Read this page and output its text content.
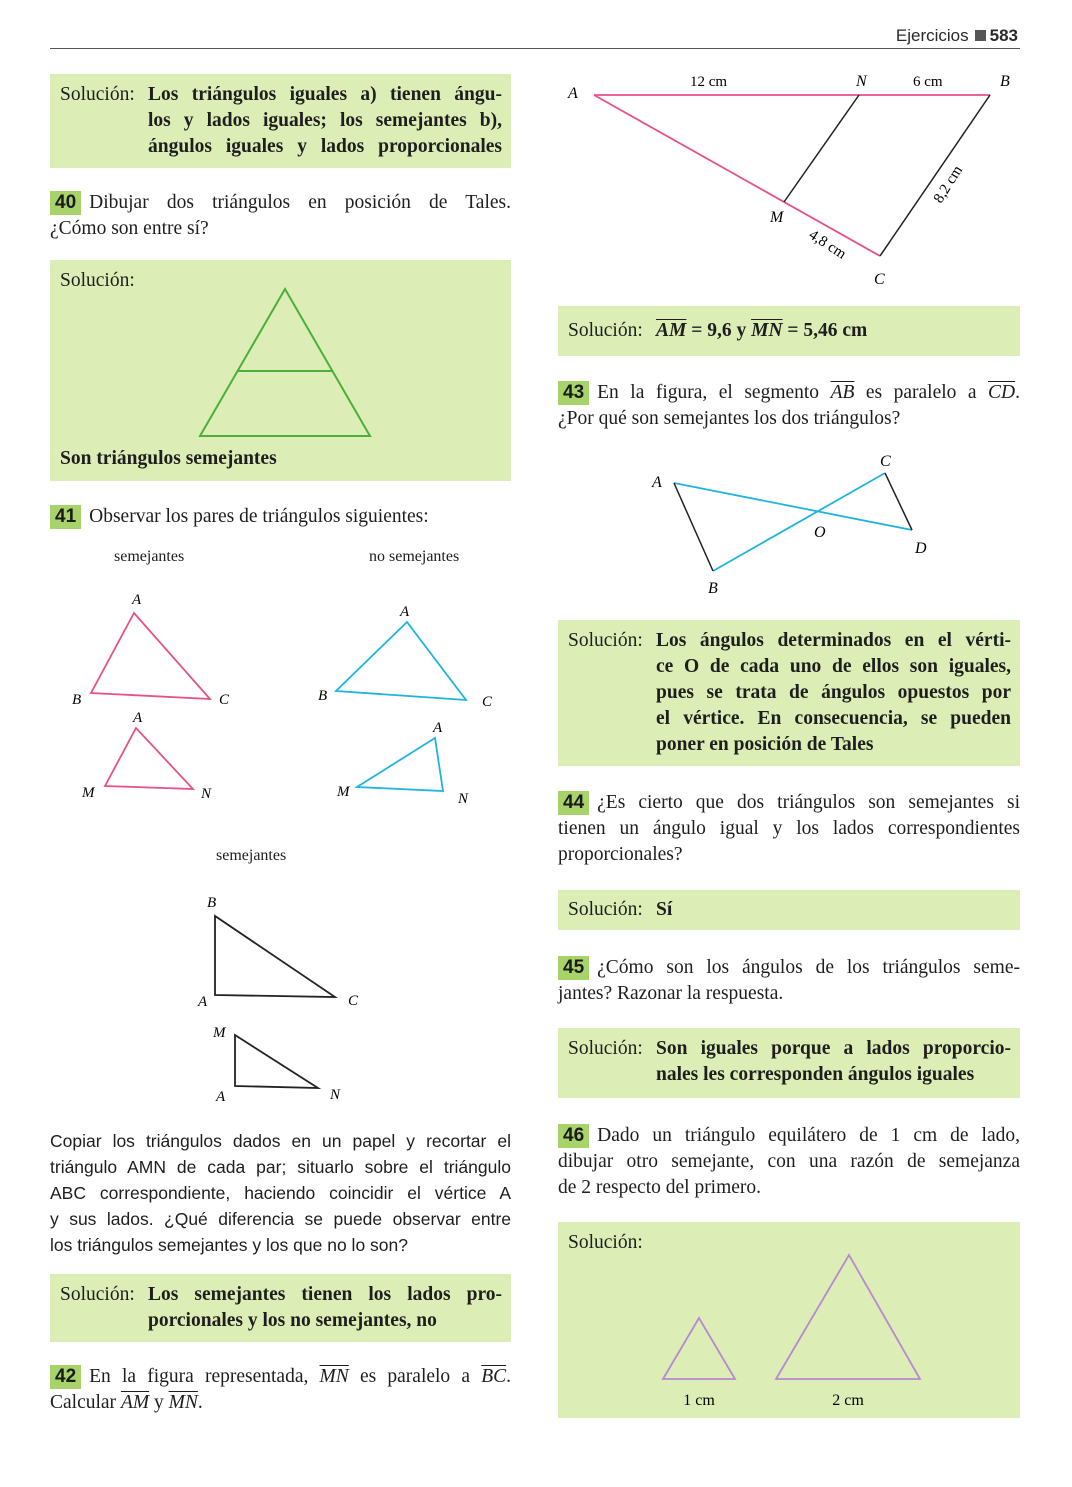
Ejercicios 583
Solución: Los triángulos iguales a) tienen ángu-
los y lados iguales; los semejantes b),
ángulos iguales y lados proporcionales
40 Dibujar dos triángulos en posición de Tales.
¿Cómo son entre sí?
Solución:
Son triángulos semejantes
41 Observar los pares de triángulos siguientes:
semejantes	no semejantes
A
B	C
A
M	N
A
B	C
A
M	N
B
A	C
M
A	N
semejantes
Copiar los triángulos dados en un papel y recortar el
triángulo AMN de cada par; situarlo sobre el triángulo
ABC correspondiente, haciendo coincidir el vértice A
y sus lados. ¿Qué diferencia se puede observar entre
los triángulos semejantes y los que no lo son?
Solución: Los semejantes tienen los lados pro-
porcionales y los no semejantes, no
42 En la figura representada, $\overline{MN}$ es paralelo a $\overline{BC}$.
Calcular $\overline{AM}$ y $\overline{MN}$.
A
12 cm	N	6 cm	B
M
C
8,2 cm
4,8 cm
Solución: $\overline{AM} = 9,6$ y $\overline{MN} = 5,46$ cm
43 En la figura, el segmento $\overline{AB}$ es paralelo a $\overline{CD}$.
¿Por qué son semejantes los dos triángulos?
A
B
C
D
O
Solución: Los ángulos determinados en el vérti-
ce O de cada uno de ellos son iguales,
pues se trata de ángulos opuestos por
el vértice. En consecuencia, se pueden
poner en posición de Tales
44 ¿Es cierto que dos triángulos son semejantes si
tienen un ángulo igual y los lados correspondientes
proporcionales?
Solución: Sí
45 ¿Cómo son los ángulos de los triángulos seme-
jantes? Razonar la respuesta.
Solución: Son iguales porque a lados proporcio-
nales les corresponden ángulos iguales
46 Dado un triángulo equilátero de 1 cm de lado,
dibujar otro semejante, con una razón de semejanza
de 2 respecto del primero.
Solución:
1 cm	2 cm
